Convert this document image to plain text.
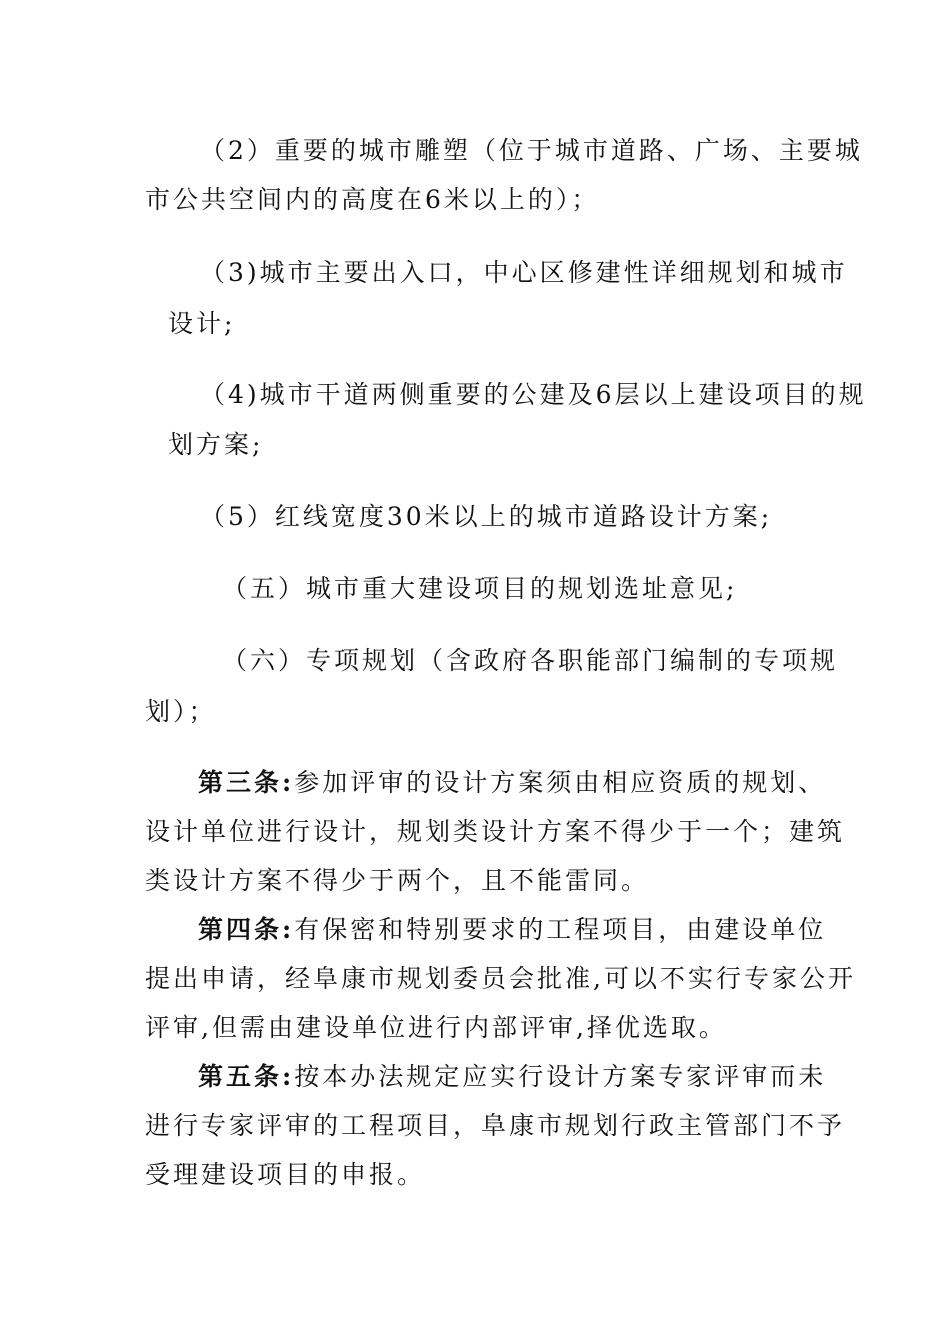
（2）重要的城市雕塑（位于城市道路、广场、主要城
市公共空间内的高度在6米以上的）；
（3)城市主要出入口，中心区修建性详细规划和城市
设计;
（4)城市干道两侧重要的公建及6层以上建设项目的规
划方案;
（5）红线宽度30米以上的城市道路设计方案;
（五）城市重大建设项目的规划选址意见;
（六）专项规划（含政府各职能部门编制的专项规
划）；
第三条:参加评审的设计方案须由相应资质的规划、
设计单位进行设计，规划类设计方案不得少于一个；建筑
类设计方案不得少于两个，且不能雷同。
第四条:有保密和特别要求的工程项目，由建设单位
提出申请，经阜康市规划委员会批准,可以不实行专家公开
评审,但需由建设单位进行内部评审,择优选取。
第五条:按本办法规定应实行设计方案专家评审而未
进行专家评审的工程项目，阜康市规划行政主管部门不予
受理建设项目的申报。
